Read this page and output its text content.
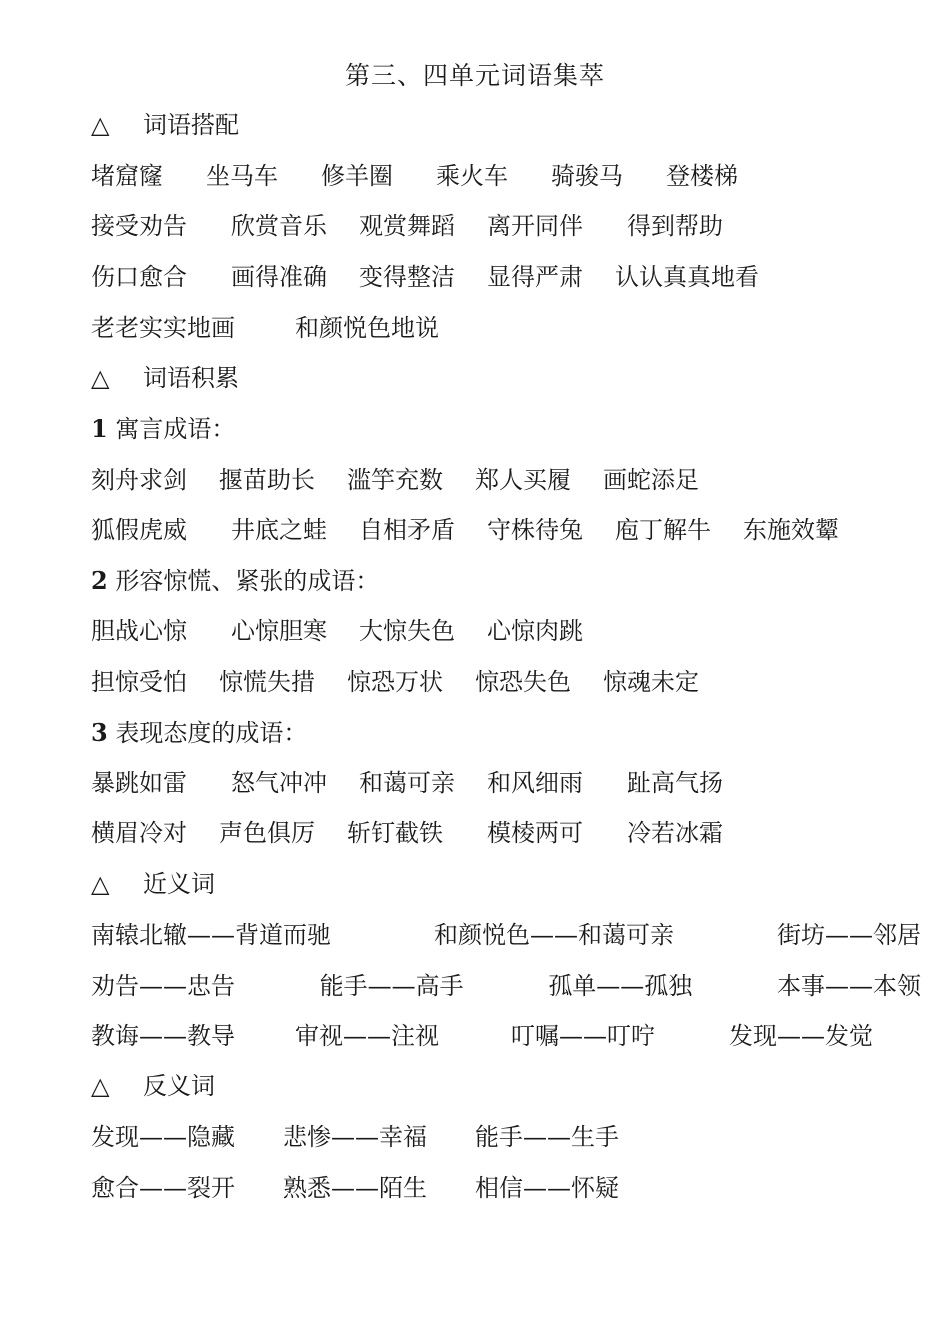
第三、四单元词语集萃
△ 词语搭配
堵窟窿 坐马车 修羊圈 乘火车 骑骏马 登楼梯
接受劝告 欣赏音乐 观赏舞蹈 离开同伴 得到帮助
伤口愈合 画得准确 变得整洁 显得严肃 认认真真地看
老老实实地画	和颜悦色地说
△ 词语积累
1 寓言成语：
刻舟求剑 揠苗助长 滥竽充数 郑人买履 画蛇添足
狐假虎威 井底之蛙 自相矛盾 守株待兔 庖丁解牛 东施效颦
2 形容惊慌、紧张的成语：
胆战心惊 心惊胆寒 大惊失色 心惊肉跳
担惊受怕 惊慌失措 惊恐万状 惊恐失色 惊魂未定
3 表现态度的成语：
暴跳如雷 怒气冲冲 和蔼可亲 和风细雨 趾高气扬
横眉冷对 声色俱厉 斩钉截铁 模棱两可 冷若冰霜
△ 近义词
南辕北辙——背道而驰	和颜悦色——和蔼可亲	街坊——邻居
劝告——忠告	能手——高手	孤单——孤独	本事——本领
教诲——教导	审视——注视	叮嘱——叮咛	发现——发觉
△ 反义词
发现——隐藏 悲惨——幸福 能手——生手
愈合——裂开 熟悉——陌生 相信——怀疑
